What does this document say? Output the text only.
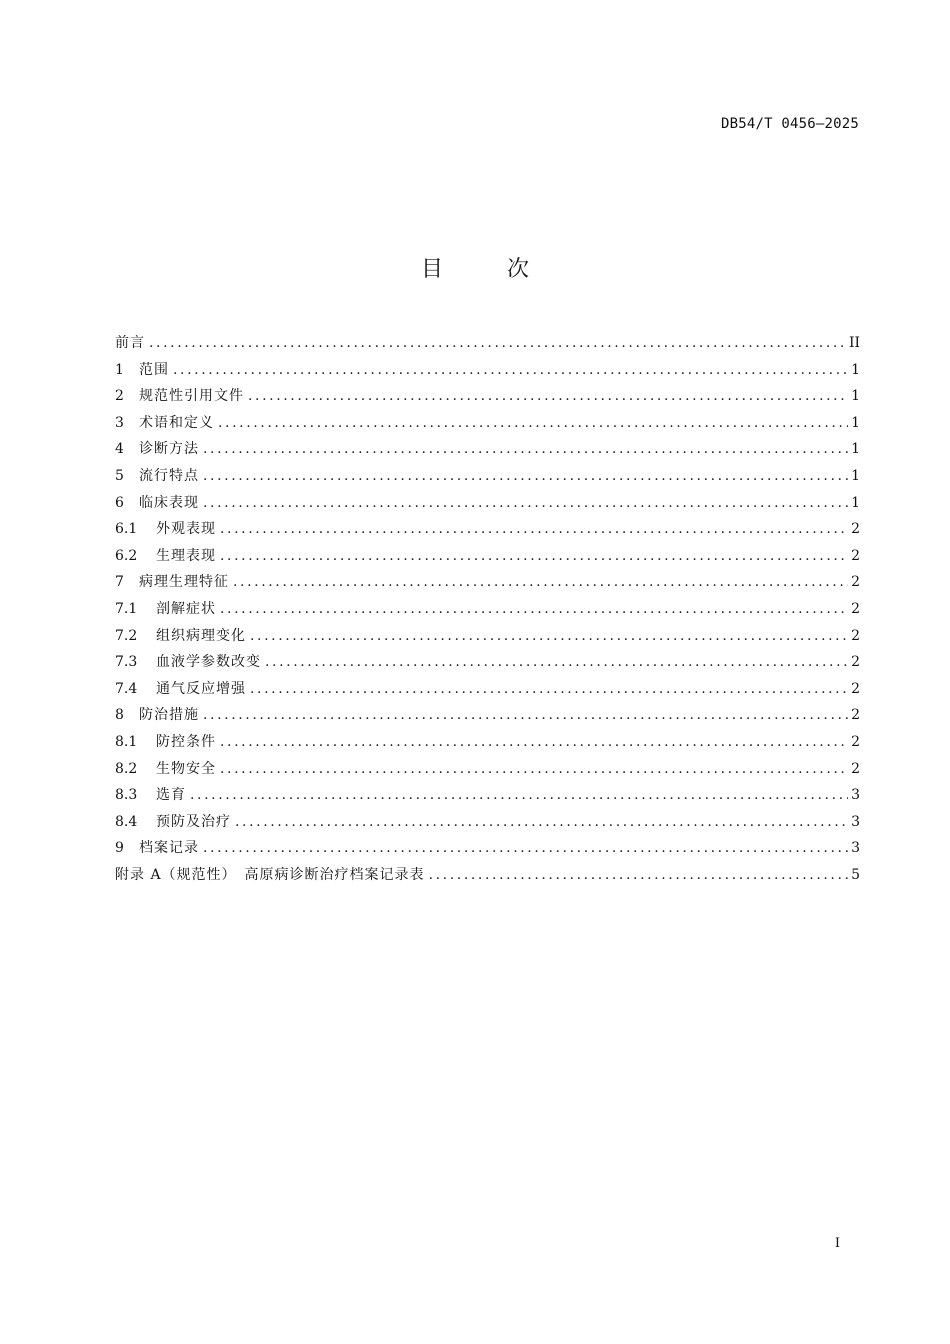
DB54/T 0456—2025
目次
前言 .....	II
1	范围 .....	1
2	规范性引用文件 .....	1
3	术语和定义 .....	1
4	诊断方法 .....	1
5	流行特点 .....	1
6	临床表现 .....	1
6.1	外观表现 .....	2
6.2	生理表现 .....	2
7	病理生理特征 .....	2
7.1	剖解症状 .....	2
7.2	组织病理变化 .....	2
7.3	血液学参数改变 .....	2
7.4	通气反应增强 .....	2
8	防治措施 .....	2
8.1	防控条件 .....	2
8.2	生物安全 .....	2
8.3	选育 .....	3
8.4	预防及治疗 .....	3
9	档案记录 .....	3
附录 A（规范性）　高原病诊断治疗档案记录表 .....	5
I
